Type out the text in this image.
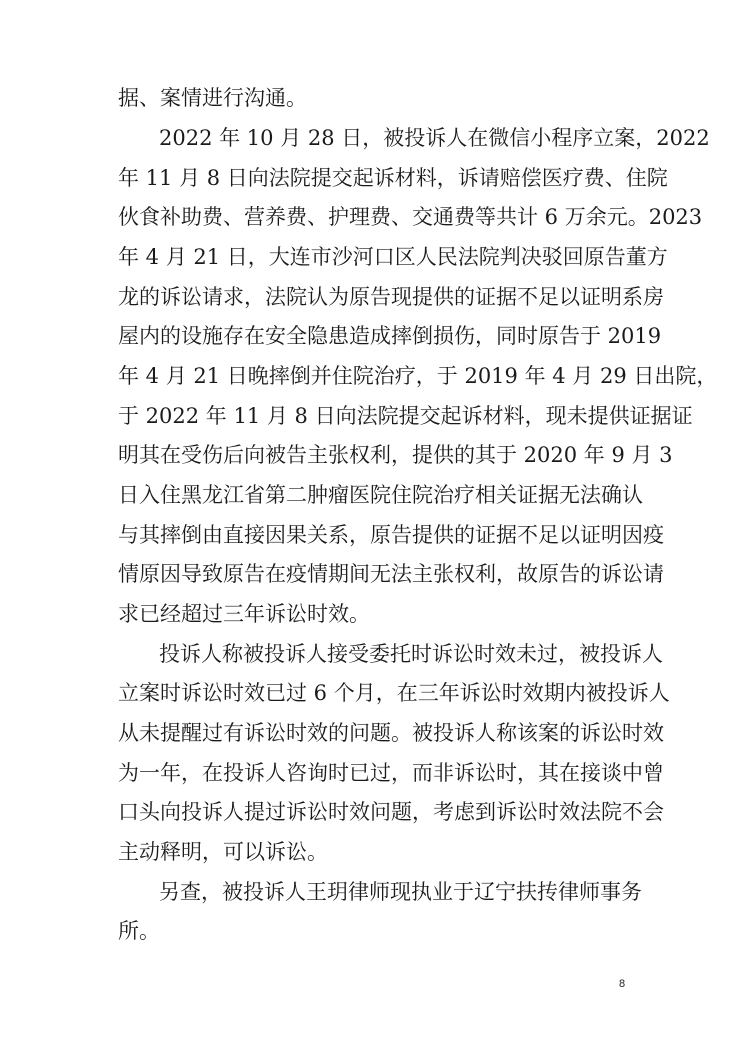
据、案情进行沟通。
2022 年 10 月 28 日，被投诉人在微信小程序立案，2022
年 11 月 8 日向法院提交起诉材料，诉请赔偿医疗费、住院
伙食补助费、营养费、护理费、交通费等共计 6 万余元。2023
年 4 月 21 日，大连市沙河口区人民法院判决驳回原告董方
龙的诉讼请求，法院认为原告现提供的证据不足以证明系房
屋内的设施存在安全隐患造成摔倒损伤，同时原告于 2019
年 4 月 21 日晚摔倒并住院治疗，于 2019 年 4 月 29 日出院，
于 2022 年 11 月 8 日向法院提交起诉材料，现未提供证据证
明其在受伤后向被告主张权利，提供的其于 2020 年 9 月 3
日入住黑龙江省第二肿瘤医院住院治疗相关证据无法确认
与其摔倒由直接因果关系，原告提供的证据不足以证明因疫
情原因导致原告在疫情期间无法主张权利，故原告的诉讼请
求已经超过三年诉讼时效。
投诉人称被投诉人接受委托时诉讼时效未过，被投诉人
立案时诉讼时效已过 6 个月，在三年诉讼时效期内被投诉人
从未提醒过有诉讼时效的问题。被投诉人称该案的诉讼时效
为一年，在投诉人咨询时已过，而非诉讼时，其在接谈中曾
口头向投诉人提过诉讼时效问题，考虑到诉讼时效法院不会
主动释明，可以诉讼。
另查，被投诉人王玥律师现执业于辽宁扶抟律师事务
所。
8
